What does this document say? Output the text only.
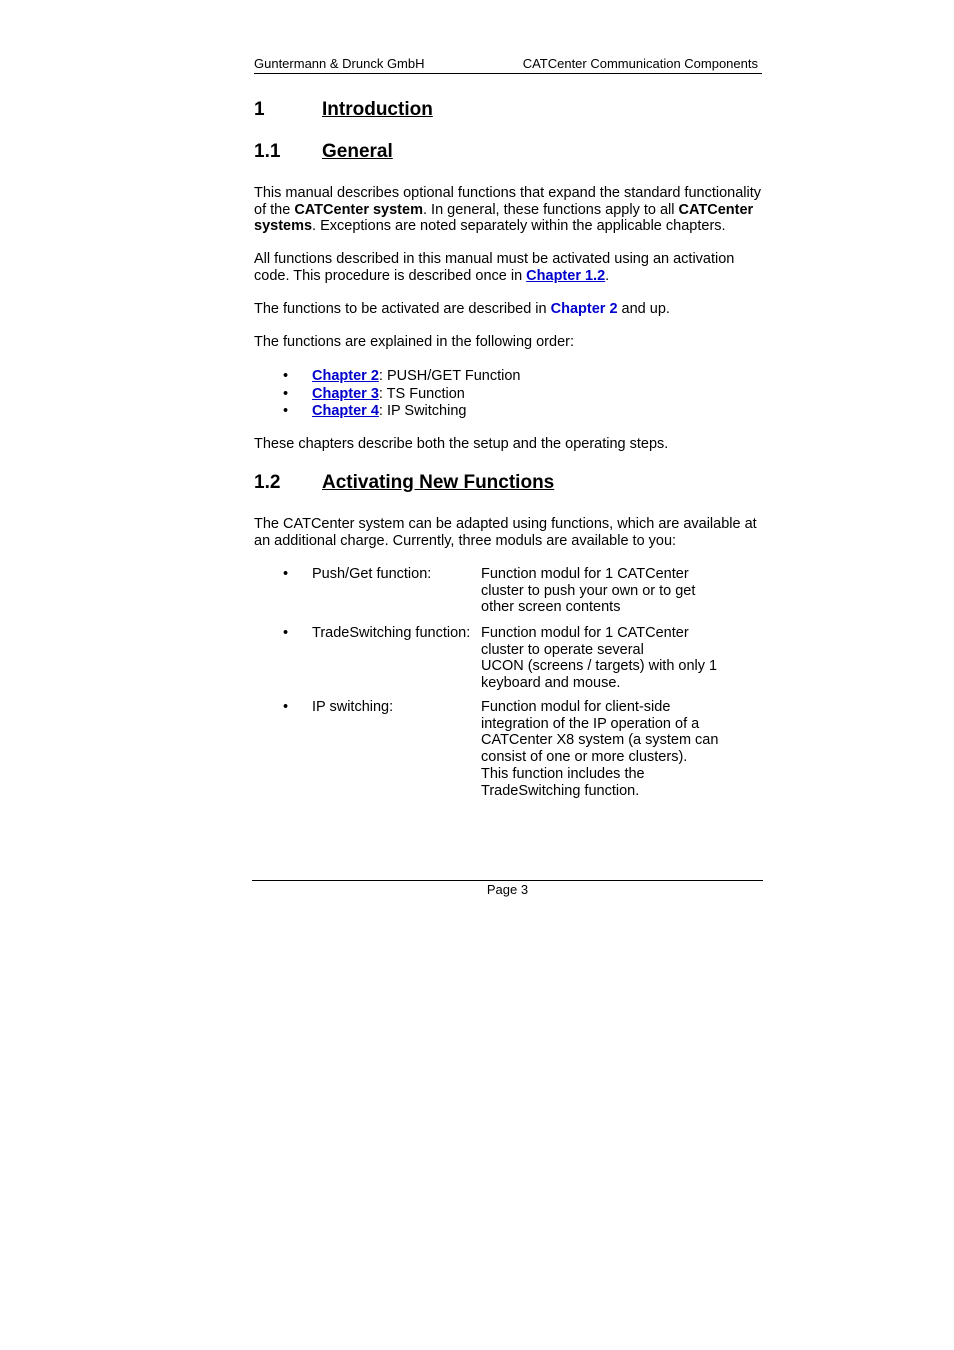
Guntermann & Drunck GmbH	CATCenter Communication Components
1	Introduction
1.1 General
This manual describes optional functions that expand the standard functionality of the CATCenter system. In general, these functions apply to all CATCenter systems. Exceptions are noted separately within the applicable chapters.
All functions described in this manual must be activated using an activation code. This procedure is described once in Chapter 1.2.
The functions to be activated are described in Chapter 2 and up.
The functions are explained in the following order:
• Chapter 2: PUSH/GET Function
• Chapter 3: TS Function
• Chapter 4: IP Switching
These chapters describe both the setup and the operating steps.
1.2 Activating New Functions
The CATCenter system can be adapted using functions, which are available at an additional charge. Currently, three moduls are available to you:
• Push/Get function:	Function modul for 1 CATCenter
cluster to push your own or to get
other screen contents
• TradeSwitching function: Function modul for 1 CATCenter
cluster to operate several
UCON (screens / targets) with only 1
keyboard and mouse.
• IP switching:	Function modul for client-side
integration of the IP operation of a
CATCenter X8 system (a system can
consist of one or more clusters).
This function includes the
TradeSwitching function.
Page 3
